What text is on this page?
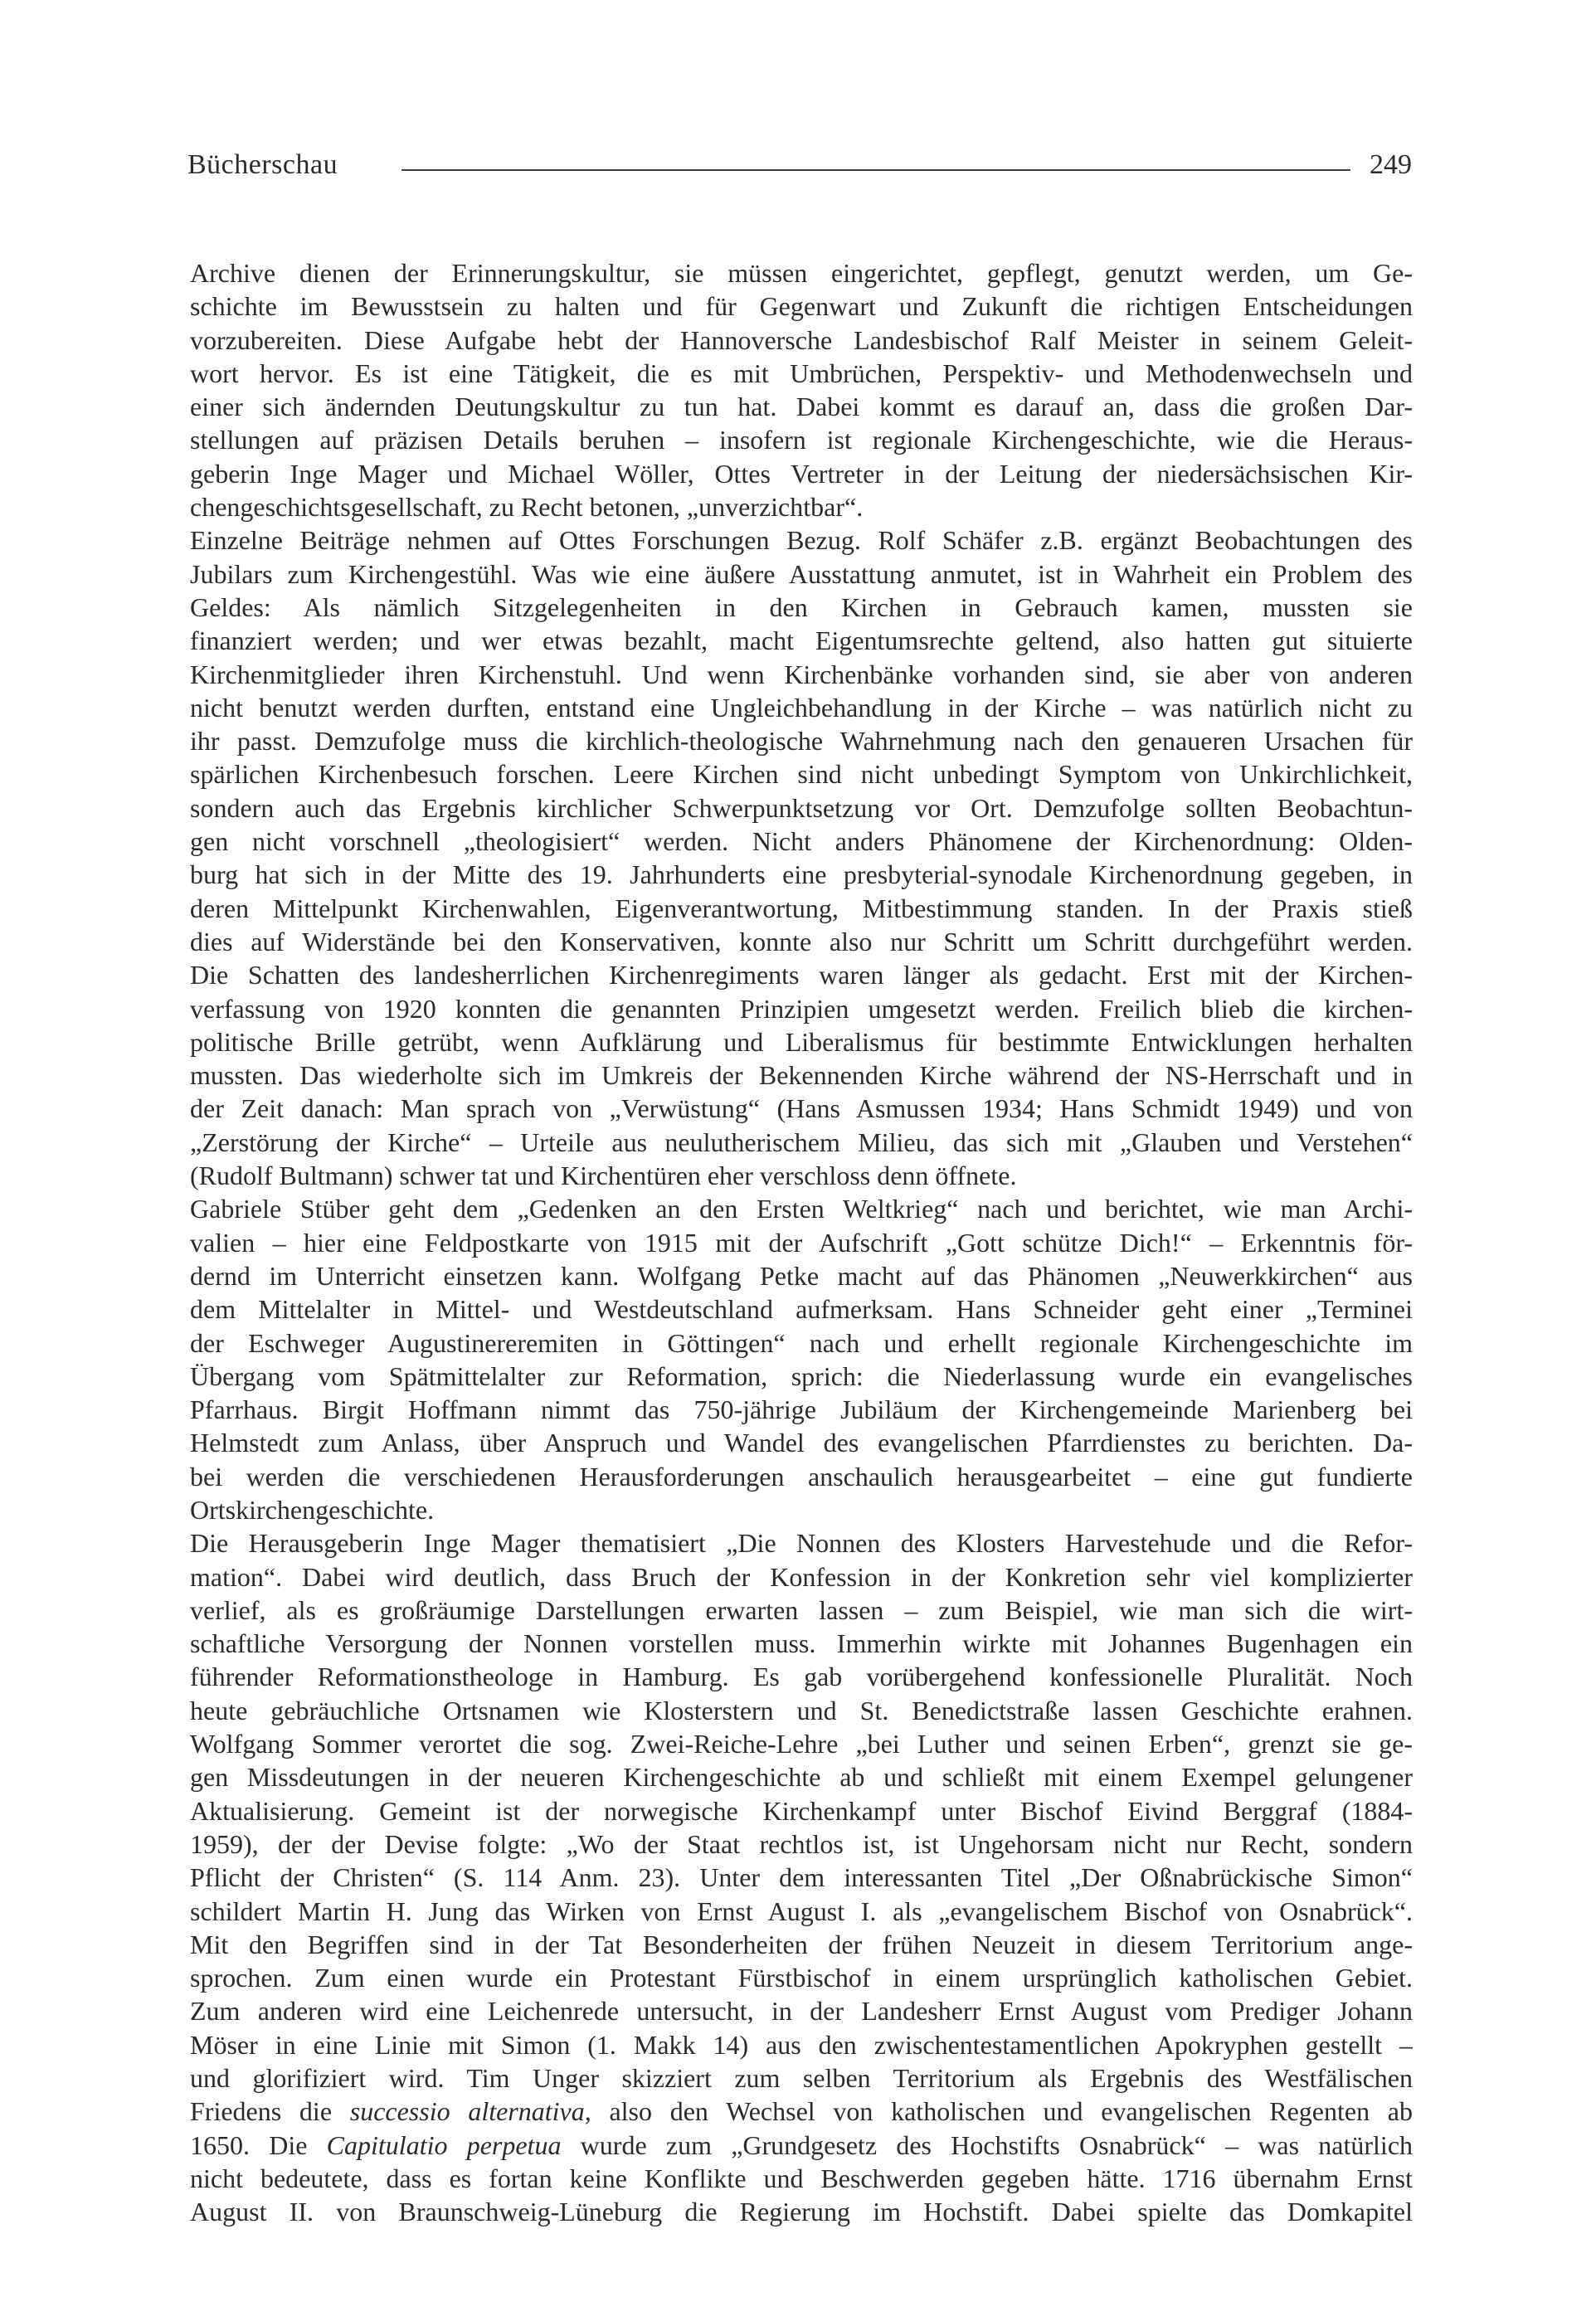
Bücherschau	249

Archive dienen der Erinnerungskultur, sie müssen eingerichtet, gepflegt, genutzt werden, um Ge-
schichte im Bewusstsein zu halten und für Gegenwart und Zukunft die richtigen Entscheidungen
vorzubereiten. Diese Aufgabe hebt der Hannoversche Landesbischof Ralf Meister in seinem Geleit-
wort hervor. Es ist eine Tätigkeit, die es mit Umbrüchen, Perspektiv- und Methodenwechseln und
einer sich ändernden Deutungskultur zu tun hat. Dabei kommt es darauf an, dass die großen Dar-
stellungen auf präzisen Details beruhen – insofern ist regionale Kirchengeschichte, wie die Heraus-
geberin Inge Mager und Michael Wöller, Ottes Vertreter in der Leitung der niedersächsischen Kir-
chengeschichtsgesellschaft, zu Recht betonen, „unverzichtbar“.

Einzelne Beiträge nehmen auf Ottes Forschungen Bezug. Rolf Schäfer z.B. ergänzt Beobachtungen des
Jubilars zum Kirchengestühl. Was wie eine äußere Ausstattung anmutet, ist in Wahrheit ein Problem des
Geldes: Als nämlich Sitzgelegenheiten in den Kirchen in Gebrauch kamen, mussten sie
finanziert werden; und wer etwas bezahlt, macht Eigentumsrechte geltend, also hatten gut situierte
Kirchenmitglieder ihren Kirchenstuhl. Und wenn Kirchenbänke vorhanden sind, sie aber von anderen
nicht benutzt werden durften, entstand eine Ungleichbehandlung in der Kirche – was natürlich nicht zu
ihr passt. Demzufolge muss die kirchlich-theologische Wahrnehmung nach den genaueren Ursachen für
spärlichen Kirchenbesuch forschen. Leere Kirchen sind nicht unbedingt Symptom von Unkirchlichkeit,
sondern auch das Ergebnis kirchlicher Schwerpunktsetzung vor Ort. Demzufolge sollten Beobachtun-
gen nicht vorschnell „theologisiert“ werden. Nicht anders Phänomene der Kirchenordnung: Olden-
burg hat sich in der Mitte des 19. Jahrhunderts eine presbyterial-synodale Kirchenordnung gegeben, in
deren Mittelpunkt Kirchenwahlen, Eigenverantwortung, Mitbestimmung standen. In der Praxis stieß
dies auf Widerstände bei den Konservativen, konnte also nur Schritt um Schritt durchgeführt werden.
Die Schatten des landesherrlichen Kirchenregiments waren länger als gedacht. Erst mit der Kirchen-
verfassung von 1920 konnten die genannten Prinzipien umgesetzt werden. Freilich blieb die kirchen-
politische Brille getrübt, wenn Aufklärung und Liberalismus für bestimmte Entwicklungen herhalten
mussten. Das wiederholte sich im Umkreis der Bekennenden Kirche während der NS-Herrschaft und in
der Zeit danach: Man sprach von „Verwüstung“ (Hans Asmussen 1934; Hans Schmidt 1949) und von
„Zerstörung der Kirche“ – Urteile aus neulutherischem Milieu, das sich mit „Glauben und Verstehen“
(Rudolf Bultmann) schwer tat und Kirchentüren eher verschloss denn öffnete.

Gabriele Stüber geht dem „Gedenken an den Ersten Weltkrieg“ nach und berichtet, wie man Archi-
valien – hier eine Feldpostkarte von 1915 mit der Aufschrift „Gott schütze Dich!“ – Erkenntnis för-
dernd im Unterricht einsetzen kann. Wolfgang Petke macht auf das Phänomen „Neuwerkkirchen“ aus
dem Mittelalter in Mittel- und Westdeutschland aufmerksam. Hans Schneider geht einer „Terminei
der Eschweger Augustinereremiten in Göttingen“ nach und erhellt regionale Kirchengeschichte im
Übergang vom Spätmittelalter zur Reformation, sprich: die Niederlassung wurde ein evangelisches
Pfarrhaus. Birgit Hoffmann nimmt das 750-jährige Jubiläum der Kirchengemeinde Marienberg bei
Helmstedt zum Anlass, über Anspruch und Wandel des evangelischen Pfarrdienstes zu berichten. Da-
bei werden die verschiedenen Herausforderungen anschaulich herausgearbeitet – eine gut fundierte
Ortskirchengeschichte.

Die Herausgeberin Inge Mager thematisiert „Die Nonnen des Klosters Harvestehude und die Refor-
mation“. Dabei wird deutlich, dass Bruch der Konfession in der Konkretion sehr viel komplizierter
verlief, als es großräumige Darstellungen erwarten lassen – zum Beispiel, wie man sich die wirt-
schaftliche Versorgung der Nonnen vorstellen muss. Immerhin wirkte mit Johannes Bugenhagen ein
führender Reformationstheologe in Hamburg. Es gab vorübergehend konfessionelle Pluralität. Noch
heute gebräuchliche Ortsnamen wie Klosterstern und St. Benedictstraße lassen Geschichte erahnen.
Wolfgang Sommer verortet die sog. Zwei-Reiche-Lehre „bei Luther und seinen Erben“, grenzt sie ge-
gen Missdeutungen in der neueren Kirchengeschichte ab und schließt mit einem Exempel gelungener
Aktualisierung. Gemeint ist der norwegische Kirchenkampf unter Bischof Eivind Berggraf (1884-
1959), der der Devise folgte: „Wo der Staat rechtlos ist, ist Ungehorsam nicht nur Recht, sondern
Pflicht der Christen“ (S. 114 Anm. 23). Unter dem interessanten Titel „Der Oßnabrückische Simon“
schildert Martin H. Jung das Wirken von Ernst August I. als „evangelischem Bischof von Osnabrück“.
Mit den Begriffen sind in der Tat Besonderheiten der frühen Neuzeit in diesem Territorium ange-
sprochen. Zum einen wurde ein Protestant Fürstbischof in einem ursprünglich katholischen Gebiet.
Zum anderen wird eine Leichenrede untersucht, in der Landesherr Ernst August vom Prediger Johann
Möser in eine Linie mit Simon (1. Makk 14) aus den zwischentestamentlichen Apokryphen gestellt –
und glorifiziert wird. Tim Unger skizziert zum selben Territorium als Ergebnis des Westfälischen
Friedens die successio alternativa, also den Wechsel von katholischen und evangelischen Regenten ab
1650. Die Capitulatio perpetua wurde zum „Grundgesetz des Hochstifts Osnabrück“ – was natürlich
nicht bedeutete, dass es fortan keine Konflikte und Beschwerden gegeben hätte. 1716 übernahm Ernst
August II. von Braunschweig-Lüneburg die Regierung im Hochstift. Dabei spielte das Domkapitel
